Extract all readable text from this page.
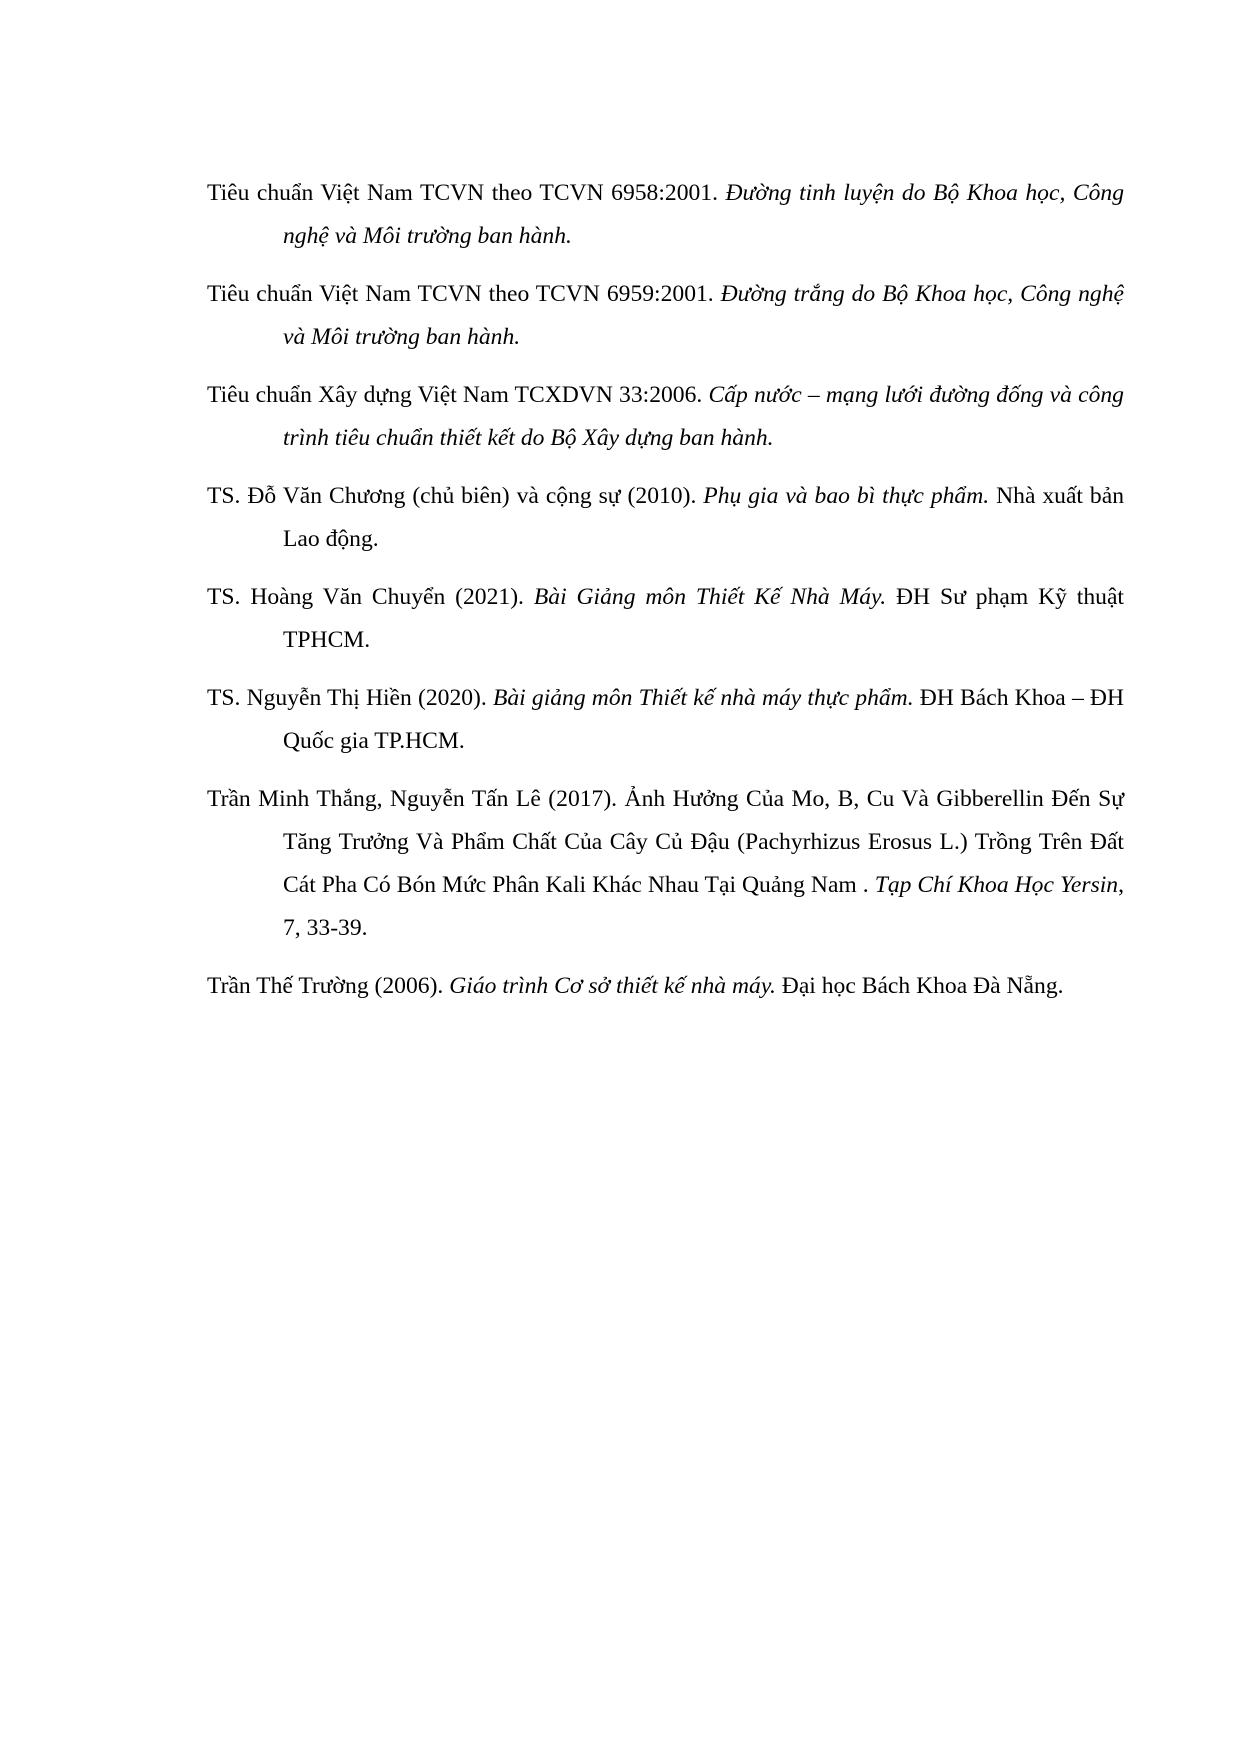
Tiêu chuẩn Việt Nam TCVN theo TCVN 6958:2001. Đường tinh luyện do Bộ Khoa học, Công nghệ và Môi trường ban hành.

Tiêu chuẩn Việt Nam TCVN theo TCVN 6959:2001. Đường trắng do Bộ Khoa học, Công nghệ và Môi trường ban hành.

Tiêu chuẩn Xây dựng Việt Nam TCXDVN 33:2006. Cấp nước – mạng lưới đường đống và công trình tiêu chuẩn thiết kết do Bộ Xây dựng ban hành.

TS. Đỗ Văn Chương (chủ biên) và cộng sự (2010). Phụ gia và bao bì thực phẩm. Nhà xuất bản Lao động.

TS. Hoàng Văn Chuyển (2021). Bài Giảng môn Thiết Kế Nhà Máy. ĐH Sư phạm Kỹ thuật TPHCM.

TS. Nguyễn Thị Hiền (2020). Bài giảng môn Thiết kế nhà máy thực phẩm. ĐH Bách Khoa – ĐH Quốc gia TP.HCM.

Trần Minh Thắng, Nguyễn Tấn Lê (2017). Ảnh Hưởng Của Mo, B, Cu Và Gibberellin Đến Sự Tăng Trưởng Và Phẩm Chất Của Cây Củ Đậu (Pachyrhizus Erosus L.) Trồng Trên Đất Cát Pha Có Bón Mức Phân Kali Khác Nhau Tại Quảng Nam . Tạp Chí Khoa Học Yersin, 7, 33-39.

Trần Thế Trường (2006). Giáo trình Cơ sở thiết kế nhà máy. Đại học Bách Khoa Đà Nẵng.
